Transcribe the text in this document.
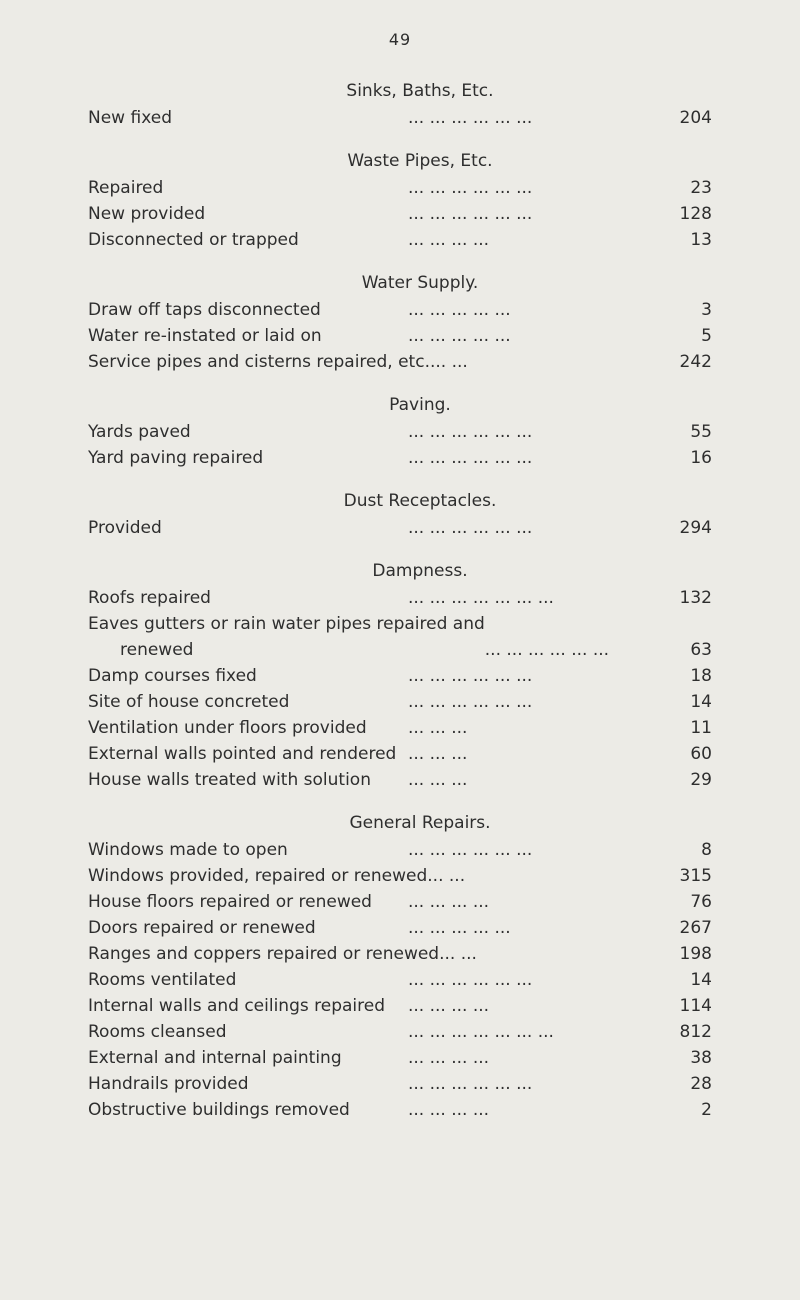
49
Sinks, Baths, Etc.
New fixed	... ... ... ... ... ...	204
Waste Pipes, Etc.
Repaired	... ... ... ... ... ...	23
New provided	... ... ... ... ... ...	128
Disconnected or trapped	... ... ... ...	13
Water Supply.
Draw off taps disconnected	... ... ... ... ...	3
Water re-instated or laid on	... ... ... ... ...	5
Service pipes and cisterns repaired, etc. ... ...	242
Paving.
Yards paved	... ... ... ... ... ...	55
Yard paving repaired	... ... ... ... ... ...	16
Dust Receptacles.
Provided	... ... ... ... ... ...	294
Dampness.
Roofs repaired	... ... ... ... ... ... ...	132
Eaves gutters or rain water pipes repaired and
renewed	... ... ... ... ... ...	63
Damp courses fixed	... ... ... ... ... ...	18
Site of house concreted	... ... ... ... ... ...	14
Ventilation under floors provided	... ... ...	11
External walls pointed and rendered ... ... ...	60
House walls treated with solution	... ... ...	29
General Repairs.
Windows made to open	... ... ... ... ... ...	8
Windows provided, repaired or renewed ... ...	315
House floors repaired or renewed	... ... ... ...	76
Doors repaired or renewed	... ... ... ... ...	267
Ranges and coppers repaired or renewed ... ...	198
Rooms ventilated	... ... ... ... ... ...	14
Internal walls and ceilings repaired	... ... ... ...	114
Rooms cleansed	... ... ... ... ... ... ...	812
External and internal painting	... ... ... ...	38
Handrails provided	... ... ... ... ... ...	28
Obstructive buildings removed	... ... ... ...	2
